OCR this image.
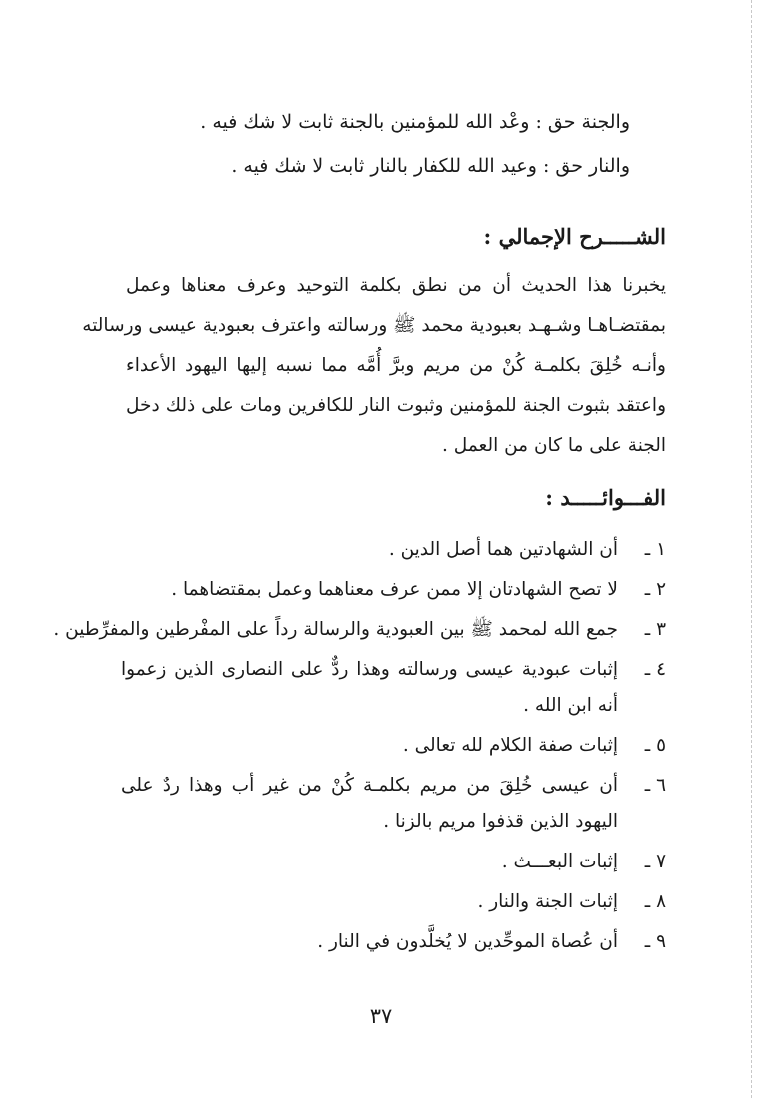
والجنة حق : وعْد الله للمؤمنين بالجنة ثابت لا شك فيه .
والنار حق : وعيد الله للكفار بالنار ثابت لا شك فيه .
الشـــــرح الإجمالي :
يخبرنا هذا الحديث أن من نطق بكلمة التوحيد وعرف معناها وعمل
بمقتضـاهـا وشـهـد بعبودية محمد ﷺ ورسالته واعترف بعبودية عيسى ورسالته
وأنـه خُلِقَ بكلمـة كُنْ من مريم وبرَّ أُمَّه مما نسبه إليها اليهود الأعداء
واعتقد بثبوت الجنة للمؤمنين وثبوت النار للكافرين ومات على ذلك دخل
الجنة على ما كان من العمل .
الفـــوائـــــد :
١ ـ
أن الشهادتين هما أصل الدين .
٢ ـ
لا تصح الشهادتان إلا ممن عرف معناهما وعمل بمقتضاهما .
٣ ـ
جمع الله لمحمد ﷺ بين العبودية والرسالة رداً على المفْرطين والمفرِّطين .
٤ ـ
إثبات عبودية عيسى ورسالته وهذا ردٌّ على النصارى الذين زعموا
أنه ابن الله .
٥ ـ
إثبات صفة الكلام لله تعالى .
٦ ـ
أن عيسى خُلِقَ من مريم بكلمـة كُنْ من غير أب وهذا ردٌ على
اليهود الذين قذفوا مريم بالزنا .
٧ ـ
إثبات البعـــث .
٨ ـ
إثبات الجنة والنار .
٩ ـ
أن عُصاة الموحِّدين لا يُخلَّدون في النار .
٣٧
